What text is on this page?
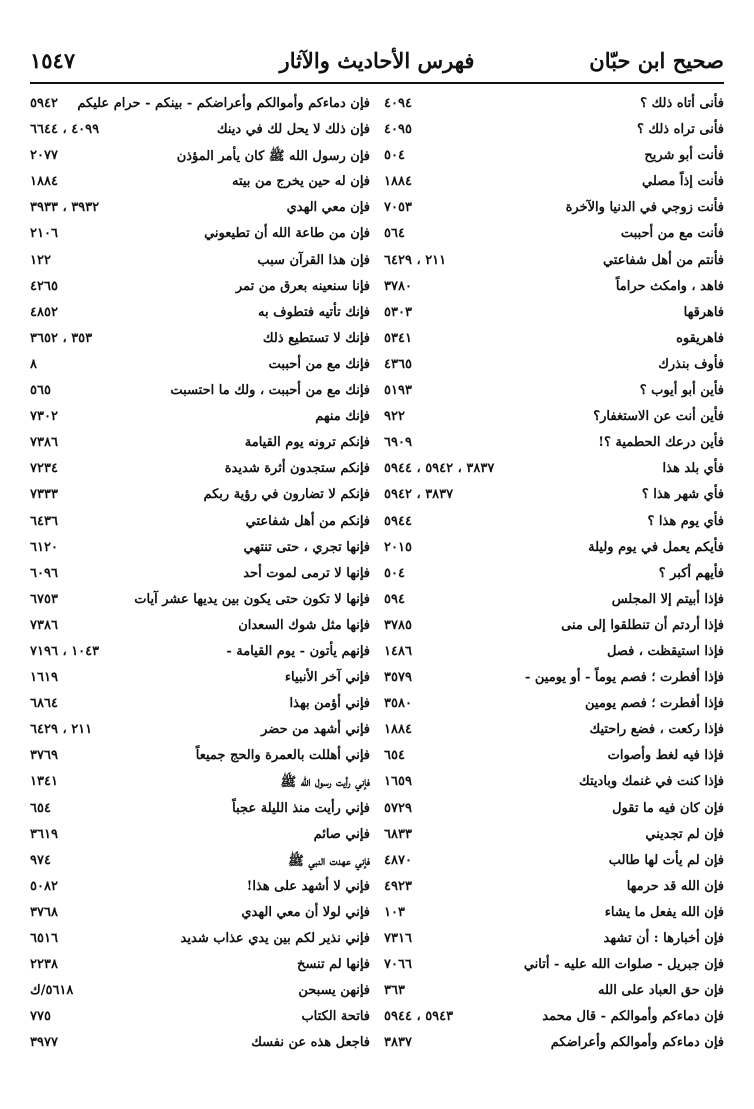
صحيح ابن حبّان
فهرس الأحاديث والآثار
١٥٤٧
فأنى أتاه ذلك ؟
٤٠٩٤
فأنى تراه ذلك ؟
٤٠٩٥
فأنت أبو شريح
٥٠٤
فأنت إذاً مصلي
١٨٨٤
فأنت زوجي في الدنيا والآخرة
٧٠٥٣
فأنت مع من أحببت
٥٦٤
فأنتم من أهل شفاعتي
٢١١ ، ٦٤٢٩
فاهد ، وامكث حراماً
٣٧٨٠
فاهرقها
٥٣٠٣
فاهريقوه
٥٣٤١
فأوف بنذرك
٤٣٦٥
فأين أبو أيوب ؟
٥١٩٣
فأين أنت عن الاستغفار؟
٩٢٢
فأين درعك الحطمية ؟!
٦٩٠٩
فأي بلد هذا
٣٨٣٧ ، ٥٩٤٢ ، ٥٩٤٤
فأي شهر هذا ؟
٣٨٣٧ ، ٥٩٤٢
فأي يوم هذا ؟
٥٩٤٤
فأيكم يعمل في يوم وليلة
٢٠١٥
فأيهم أكبر ؟
٥٠٤
فإذا أبيتم إلا المجلس
٥٩٤
فإذا أردتم أن تنطلقوا إلى منى
٣٧٨٥
فإذا استيقظت ، فصل
١٤٨٦
فإذا أفطرت ؛ فصم يوماً - أو يومين -
٣٥٧٩
فإذا أفطرت ؛ فصم يومين
٣٥٨٠
فإذا ركعت ، فضع راحتيك
١٨٨٤
فإذا فيه لغط وأصوات
٦٥٤
فإذا كنت في غنمك وباديتك
١٦٥٩
فإن كان فيه ما تقول
٥٧٢٩
فإن لم تجديني
٦٨٣٣
فإن لم يأت لها طالب
٤٨٧٠
فإن الله قد حرمها
٤٩٢٣
فإن الله يفعل ما يشاء
١٠٣
فإن أخبارها : أن تشهد
٧٣١٦
فإن جبريل - صلوات الله عليه - أتاني
٧٠٦٦
فإن حق العباد على الله
٣٦٣
فإن دماءكم وأموالكم - قال محمد
٥٩٤٣ ، ٥٩٤٤
فإن دماءكم وأموالكم وأعراضكم
٣٨٣٧
فإن دماءكم وأموالكم وأعراضكم - بينكم - حرام عليكم
٥٩٤٢
فإن ذلك لا يحل لك في دينك
٤٠٩٩ ، ٦٦٤٤
فإن رسول الله ﷺ كان يأمر المؤذن
٢٠٧٧
فإن له حين يخرج من بيته
١٨٨٤
فإن معي الهدي
٣٩٣٢ ، ٣٩٣٣
فإن من طاعة الله أن تطيعوني
٢١٠٦
فإن هذا القرآن سبب
١٢٢
فإنا سنعينه بعرق من تمر
٤٢٦٥
فإنك تأتيه فتطوف به
٤٨٥٢
فإنك لا تستطيع ذلك
٣٥٣ ، ٣٦٥٢
فإنك مع من أحببت
٨
فإنك مع من أحببت ، ولك ما احتسبت
٥٦٥
فإنك منهم
٧٣٠٢
فإنكم ترونه يوم القيامة
٧٣٨٦
فإنكم ستجدون أثرة شديدة
٧٢٣٤
فإنكم لا تضارون في رؤية ربكم
٧٣٣٣
فإنكم من أهل شفاعتي
٦٤٣٦
فإنها تجري ، حتى تنتهي
٦١٢٠
فإنها لا ترمى لموت أحد
٦٠٩٦
فإنها لا تكون حتى يكون بين يديها عشر آيات
٦٧٥٣
فإنها مثل شوك السعدان
٧٣٨٦
فإنهم يأتون - يوم القيامة -
١٠٤٣ ، ٧١٩٦
فإني آخر الأنبياء
١٦١٩
فإني أؤمن بهذا
٦٨٦٤
فإني أشهد من حضر
٢١١ ، ٦٤٢٩
فإني أهللت بالعمرة والحج جميعاً
٣٧٦٩
فإني رأيت رسول الله ﷺ
١٣٤١
فإني رأيت منذ الليلة عجباً
٦٥٤
فإني صائم
٣٦١٩
فإني عهدت النبي ﷺ
٩٧٤
فإني لا أشهد على هذا!
٥٠٨٢
فإني لولا أن معي الهدي
٣٧٦٨
فإني نذير لكم بين يدي عذاب شديد
٦٥١٦
فإنها لم تنسخ
٢٢٣٨
فإنهن يسبحن
٥٦١٨/ك
فاتحة الكتاب
٧٧٥
فاجعل هذه عن نفسك
٣٩٧٧
